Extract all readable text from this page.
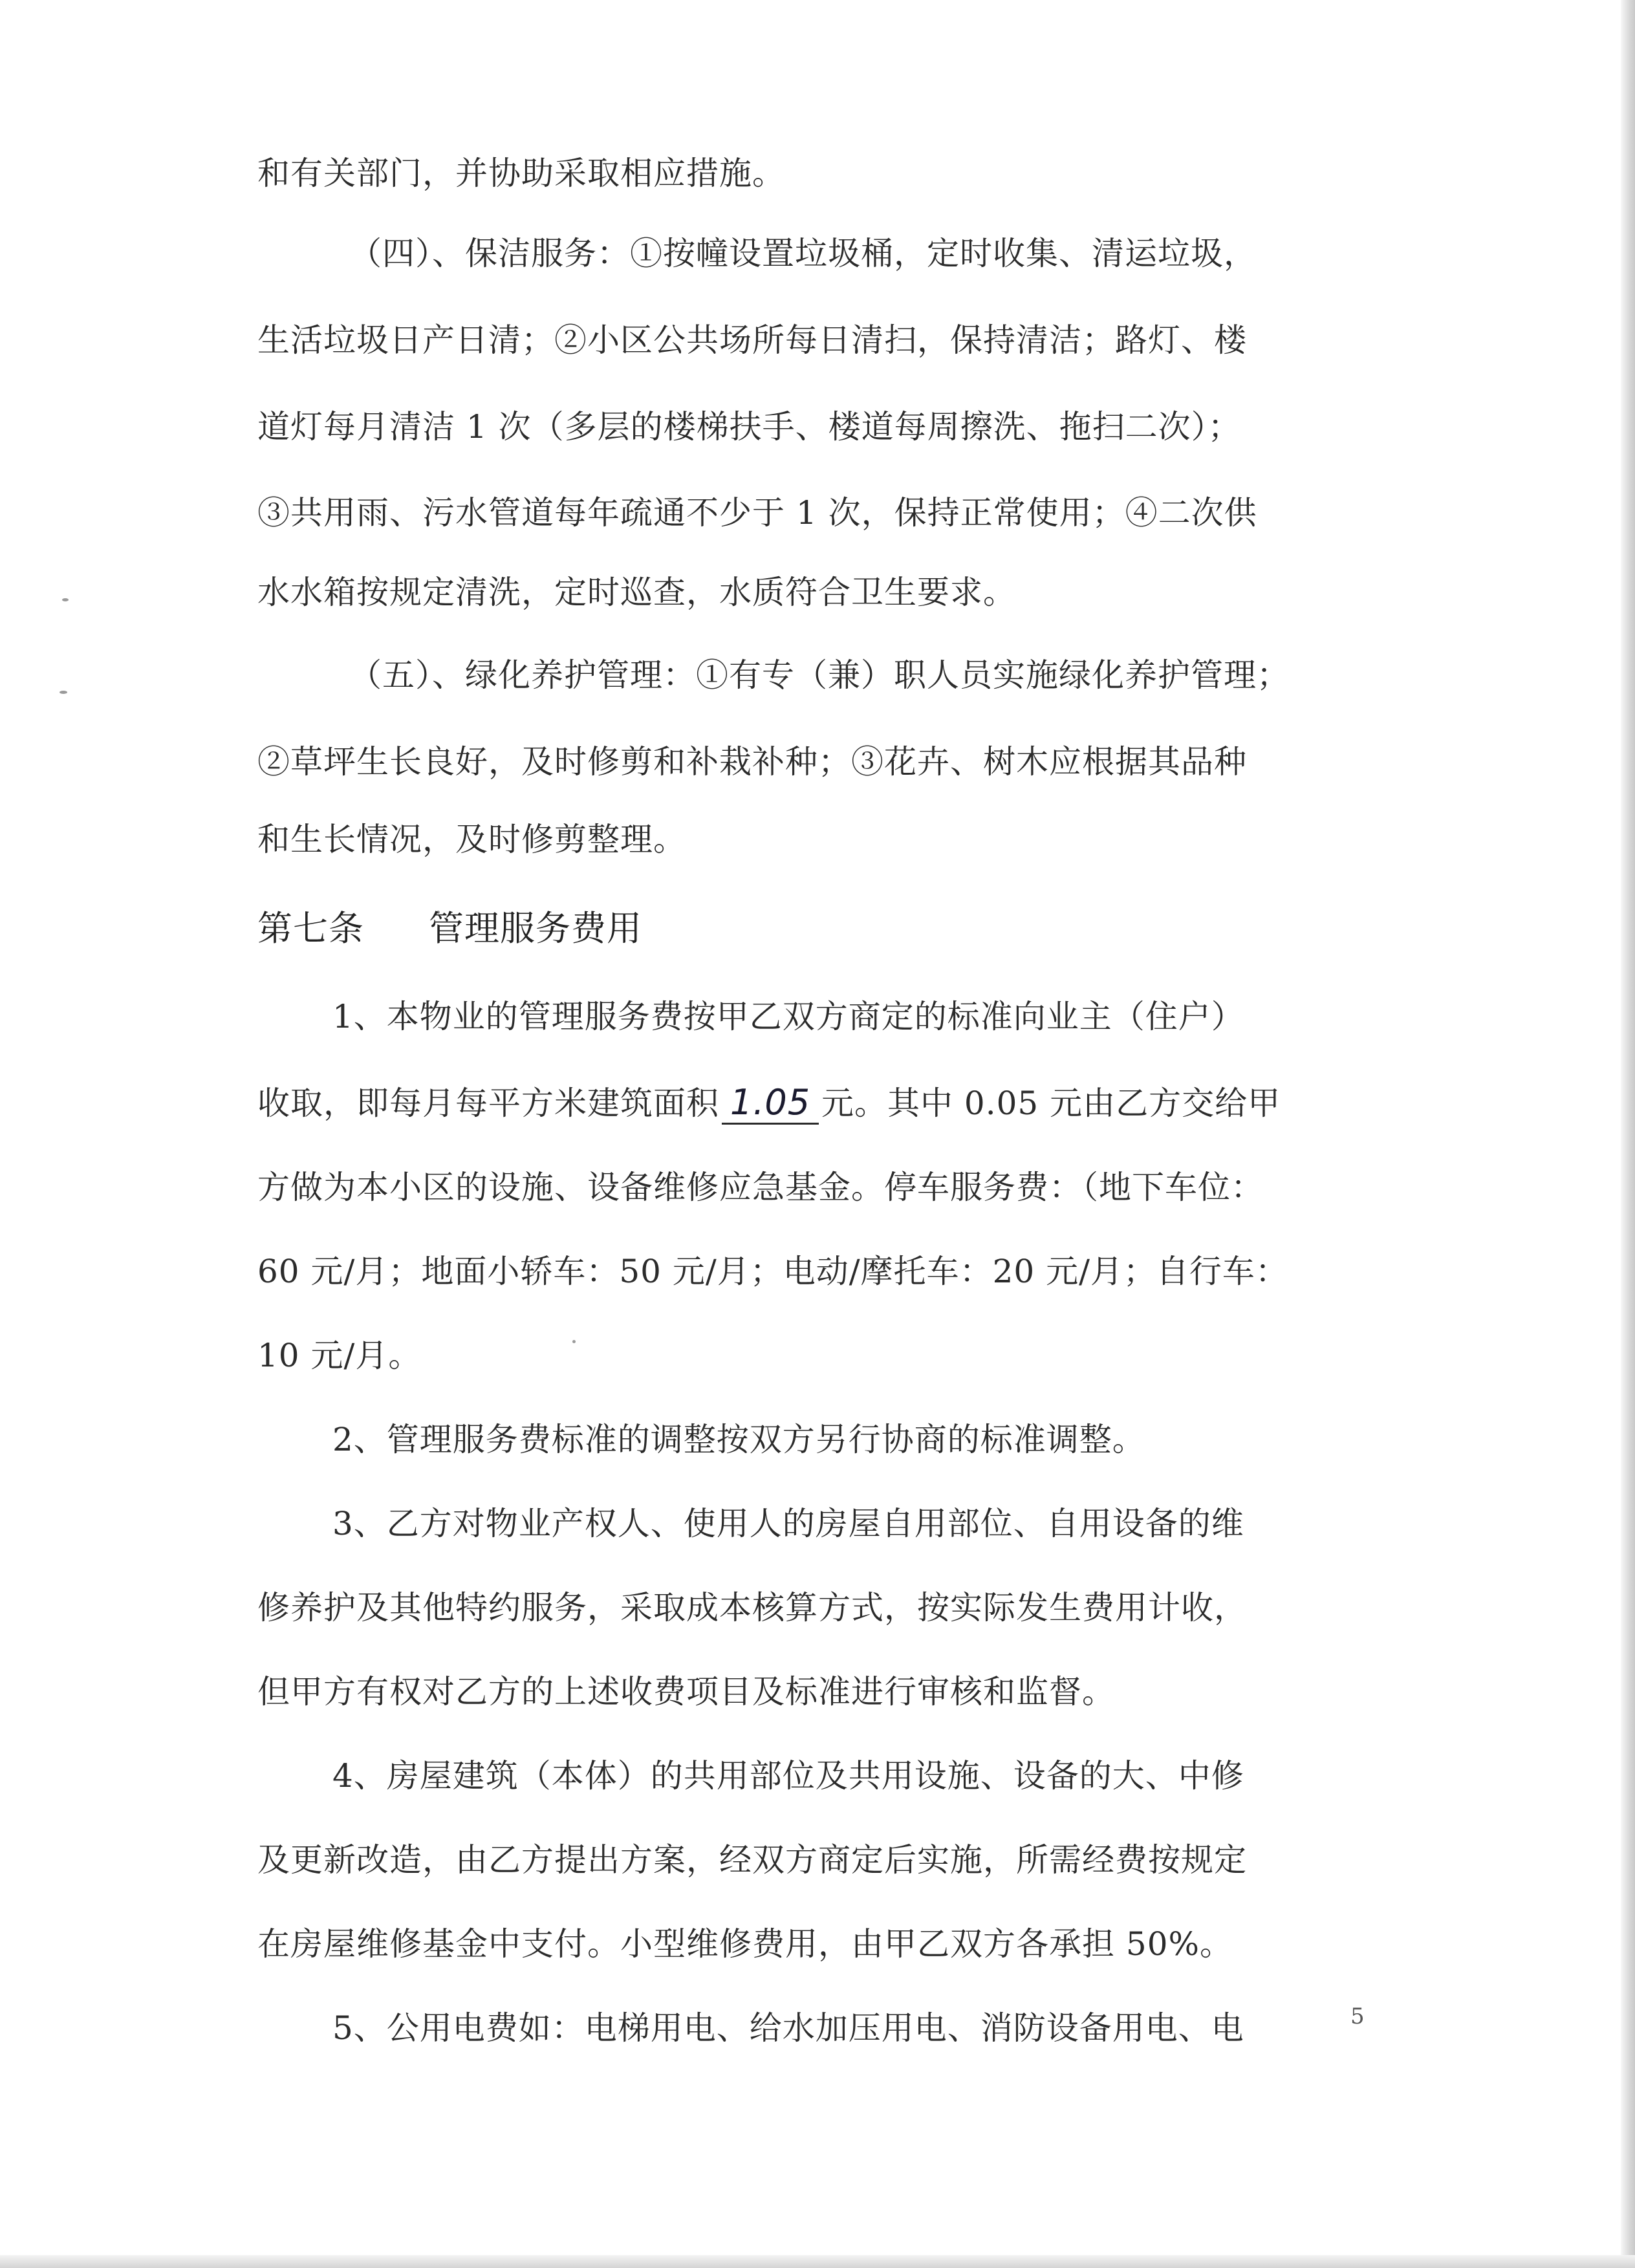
和有关部门，并协助采取相应措施。
（四）、保洁服务：①按幢设置垃圾桶，定时收集、清运垃圾，
生活垃圾日产日清；②小区公共场所每日清扫，保持清洁；路灯、楼
道灯每月清洁 1 次（多层的楼梯扶手、楼道每周擦洗、拖扫二次）；
③共用雨、污水管道每年疏通不少于 1 次，保持正常使用；④二次供
水水箱按规定清洗，定时巡查，水质符合卫生要求。
（五）、绿化养护管理：①有专（兼）职人员实施绿化养护管理；
②草坪生长良好，及时修剪和补栽补种；③花卉、树木应根据其品种
和生长情况，及时修剪整理。
第七条 管理服务费用
1、本物业的管理服务费按甲乙双方商定的标准向业主（住户）
收取，即每月每平方米建筑面积 1.05 元。其中 0.05 元由乙方交给甲
方做为本小区的设施、设备维修应急基金。停车服务费：（地下车位：
60 元/月；地面小轿车：50 元/月；电动/摩托车：20 元/月；自行车：
10 元/月。
2、管理服务费标准的调整按双方另行协商的标准调整。
3、乙方对物业产权人、使用人的房屋自用部位、自用设备的维
修养护及其他特约服务，采取成本核算方式，按实际发生费用计收，
但甲方有权对乙方的上述收费项目及标准进行审核和监督。
4、房屋建筑（本体）的共用部位及共用设施、设备的大、中修
及更新改造，由乙方提出方案，经双方商定后实施，所需经费按规定
在房屋维修基金中支付。小型维修费用，由甲乙双方各承担 50%。
5、公用电费如：电梯用电、给水加压用电、消防设备用电、电	5
